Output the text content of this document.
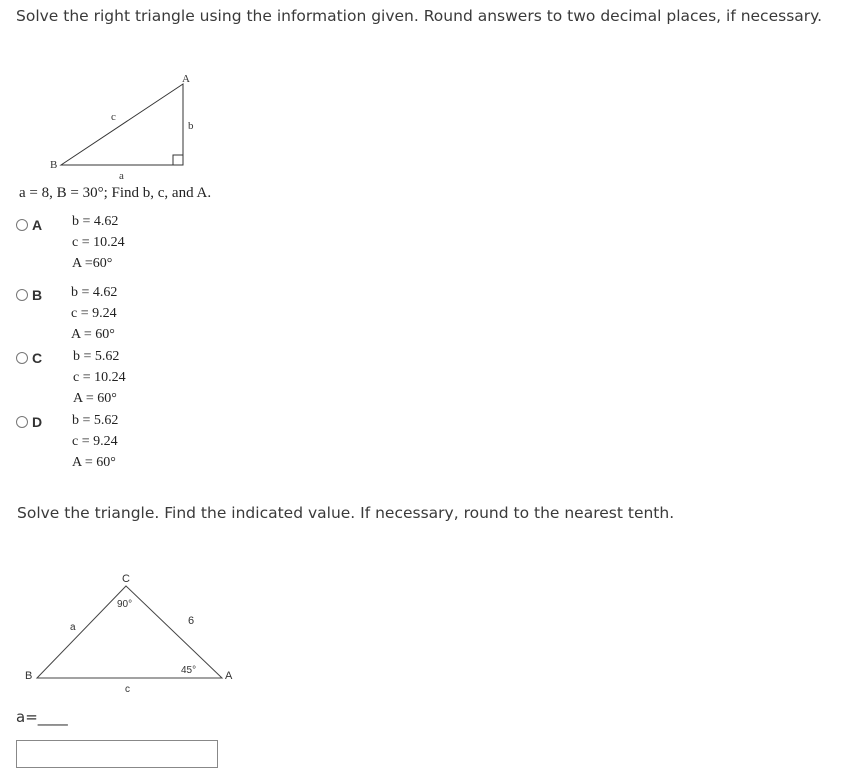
Solve the right triangle using the information given. Round answers to two decimal places, if necessary.
A
B
c
b
a
a = 8, B = 30°; Find b, c, and A.
A b = 4.62
c = 10.24
A =60°
B b = 4.62
c = 9.24
A = 60°
C b = 5.62
c = 10.24
A = 60°
D b = 5.62
c = 9.24
A = 60°
Solve the triangle. Find the indicated value. If necessary, round to the nearest tenth.
C
90°
a
6
B	45°	A
c
a=____
